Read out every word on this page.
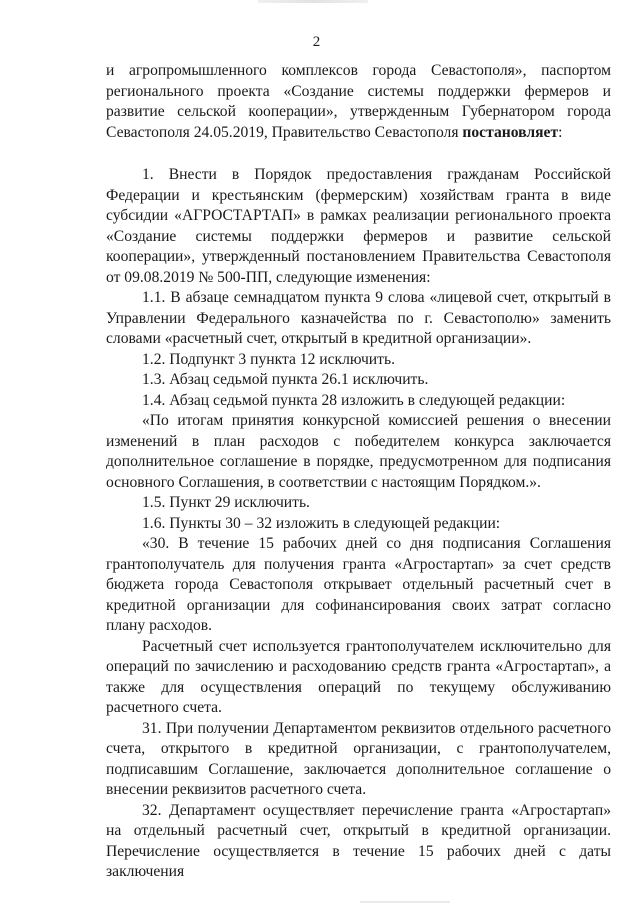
2

и агропромышленного комплексов города Севастополя», паспортом регионального проекта «Создание системы поддержки фермеров и развитие сельской кооперации», утвержденным Губернатором города Севастополя 24.05.2019, Правительство Севастополя постановляет:

1. Внести в Порядок предоставления гражданам Российской Федерации и крестьянским (фермерским) хозяйствам гранта в виде субсидии «АГРОСТАРТАП» в рамках реализации регионального проекта «Создание системы поддержки фермеров и развитие сельской кооперации», утвержденный постановлением Правительства Севастополя от 09.08.2019 № 500-ПП, следующие изменения:

1.1. В абзаце семнадцатом пункта 9 слова «лицевой счет, открытый в Управлении Федерального казначейства по г. Севастополю» заменить словами «расчетный счет, открытый в кредитной организации».

1.2. Подпункт 3 пункта 12 исключить.

1.3. Абзац седьмой пункта 26.1 исключить.

1.4. Абзац седьмой пункта 28 изложить в следующей редакции:

«По итогам принятия конкурсной комиссией решения о внесении изменений в план расходов с победителем конкурса заключается дополнительное соглашение в порядке, предусмотренном для подписания основного Соглашения, в соответствии с настоящим Порядком.».

1.5. Пункт 29 исключить.

1.6. Пункты 30 – 32 изложить в следующей редакции:

«30. В течение 15 рабочих дней со дня подписания Соглашения грантополучатель для получения гранта «Агростартап» за счет средств бюджета города Севастополя открывает отдельный расчетный счет в кредитной организации для софинансирования своих затрат согласно плану расходов.

Расчетный счет используется грантополучателем исключительно для операций по зачислению и расходованию средств гранта «Агростартап», а также для осуществления операций по текущему обслуживанию расчетного счета.

31. При получении Департаментом реквизитов отдельного расчетного счета, открытого в кредитной организации, с грантополучателем, подписавшим Соглашение, заключается дополнительное соглашение о внесении реквизитов расчетного счета.

32. Департамент осуществляет перечисление гранта «Агростартап» на отдельный расчетный счет, открытый в кредитной организации. Перечисление осуществляется в течение 15 рабочих дней с даты заключения
